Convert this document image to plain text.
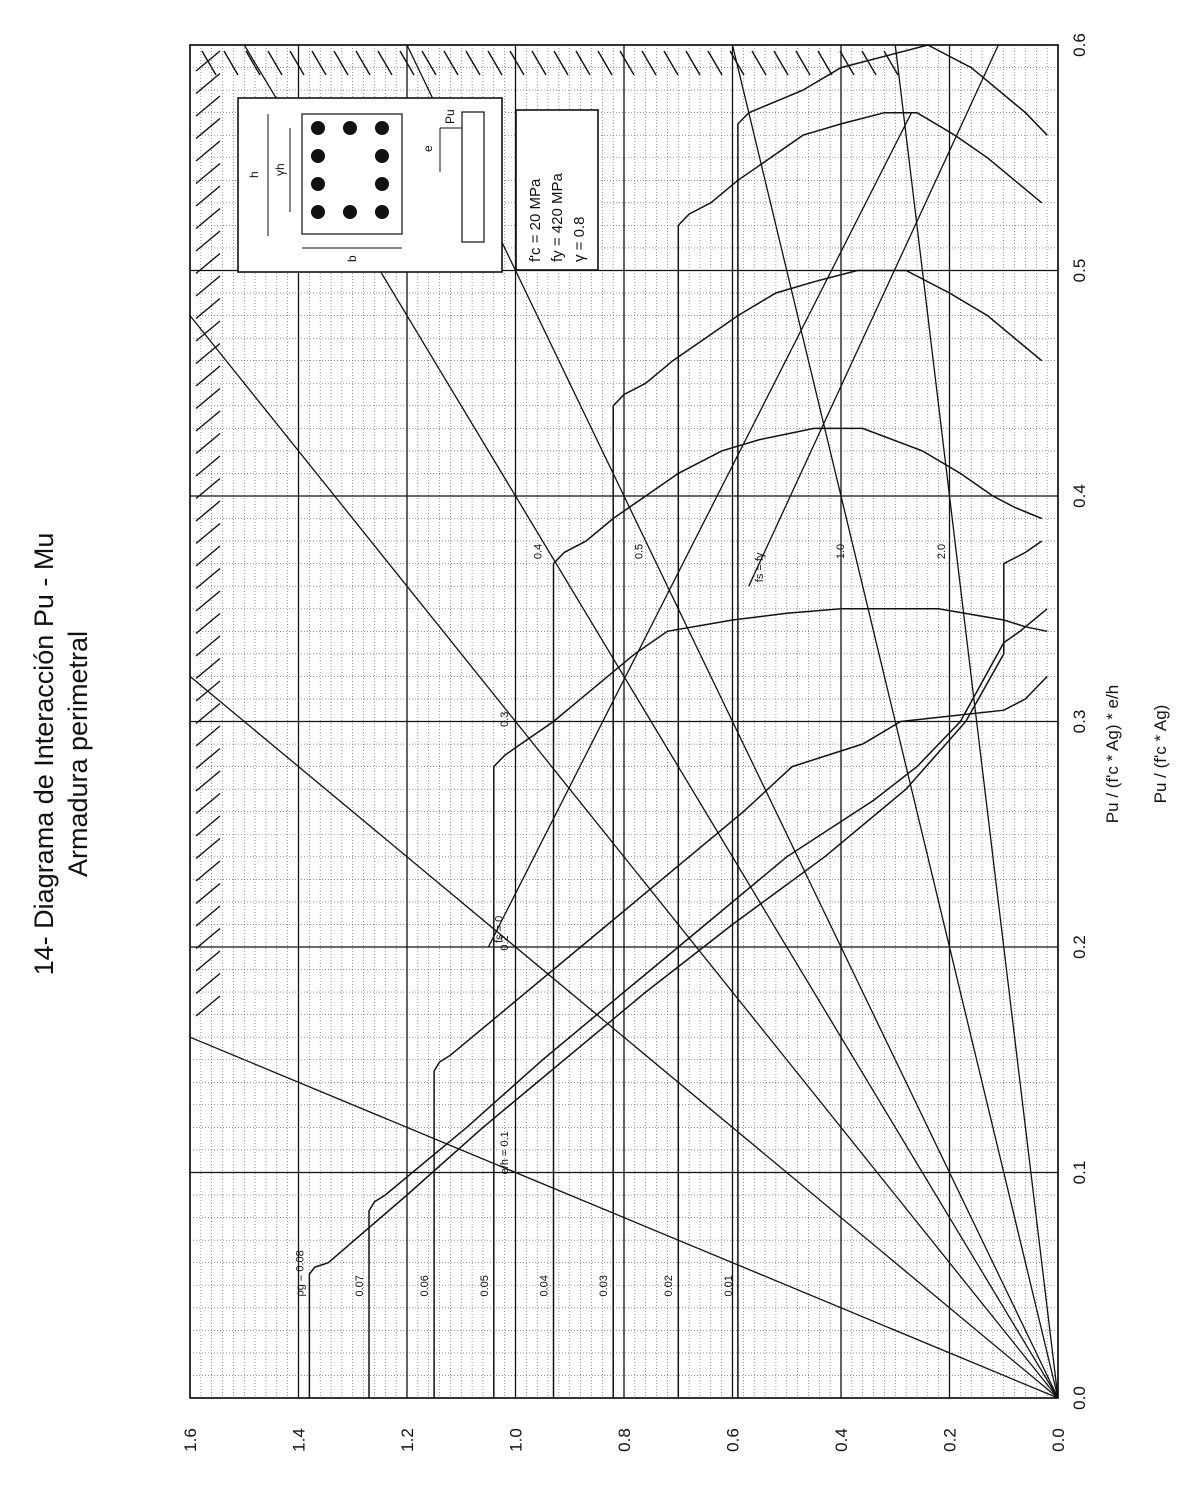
e/h = 0.1
0.2
0.3
0.4	0.5	1.0	2.0
fs = 0
fs = fy
ρg = 0.08	0.07	0.06	0.05	0.04	0.03	0.02	0.01
0.0
0.1
0.2
0.3
0.4
0.5
0.6
0.0
0.2
0.4
0.6
0.8
1.0
1.2
1.4
1.6
h γh
b
e
Pu
f'c = 20 MPa fy = 420 MPa γ = 0.8
14- Diagrama de Interacción Pu - Mu Armadura perimetral	Pu / (f'c * Ag) * e/h Pu / (f'c * Ag)
